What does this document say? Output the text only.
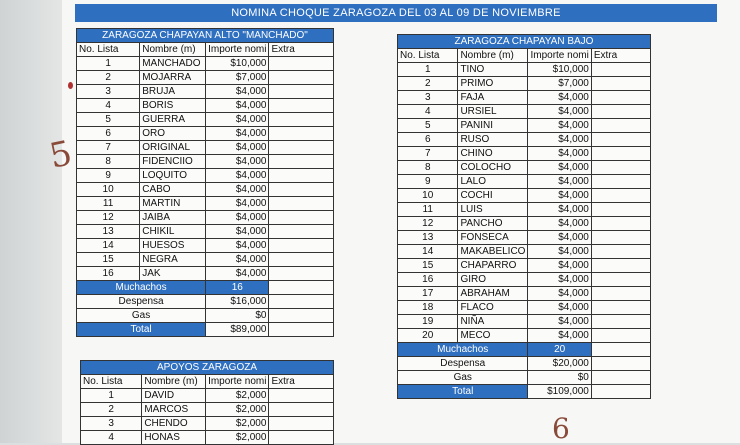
NOMINA CHOQUE ZARAGOZA DEL 03 AL 09 DE NOVIEMBRE
ZARAGOZA CHAPAYAN ALTO "MANCHADO"			
No. Lista	Nombre (m)	Importe nomi	Extra
1	MANCHADO	$10,000	
2	MOJARRA	$7,000	
3	BRUJA	$4,000	
4	BORIS	$4,000	
5	GUERRA	$4,000	
6	ORO	$4,000	
7	ORIGINAL	$4,000	
8	FIDENCIIO	$4,000	
9	LOQUITO	$4,000	
10	CABO	$4,000	
11	MARTIN	$4,000	
12	JAIBA	$4,000	
13	CHIKIL	$4,000	
14	HUESOS	$4,000	
15	NEGRA	$4,000	
16	JAK	$4,000	
Muchachos		16	
Despensa		$16,000	
Gas		$0	
Total		$89,000	
ZARAGOZA CHAPAYAN BAJO			
No. Lista	Nombre (m)	Importe nomi	Extra
1	TINO	$10,000	
2	PRIMO	$7,000	
3	FAJA	$4,000	
4	URSIEL	$4,000	
5	PANINI	$4,000	
6	RUSO	$4,000	
7	CHINO	$4,000	
8	COLOCHO	$4,000	
9	LALO	$4,000	
10	COCHI	$4,000	
11	LUIS	$4,000	
12	PANCHO	$4,000	
13	FONSECA	$4,000	
14	MAKABELICO	$4,000	
15	CHAPARRO	$4,000	
16	GIRO	$4,000	
17	ABRAHAM	$4,000	
18	FLACO	$4,000	
19	NIÑA	$4,000	
20	MECO	$4,000	
Muchachos		20	
Despensa		$20,000	
Gas		$0	
Total		$109,000	
APOYOS ZARAGOZA			
No. Lista	Nombre (m)	Importe nomi	Extra
1	DAVID	$2,000	
2	MARCOS	$2,000	
3	CHENDO	$2,000	
4	HONAS	$2,000	
5
6
